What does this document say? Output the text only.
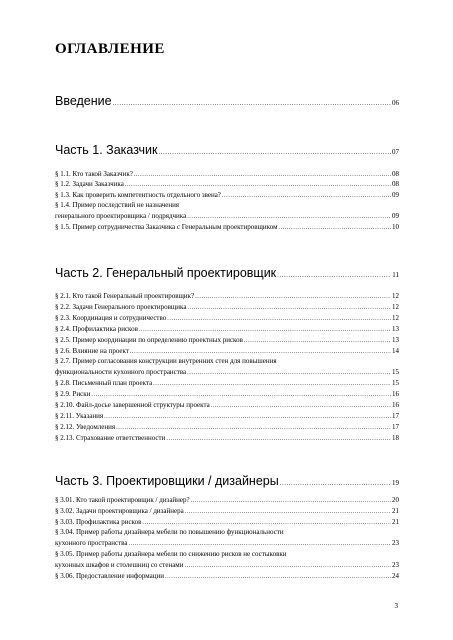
ОГЛАВЛЕНИЕ
Введение .....	06
Часть 1. Заказчик .....	07
§ 1.1. Кто такой Заказчик? .....	08
§ 1.2. Задачи Заказчика .....	08
§ 1.3. Как проверить компетентность отдельного звена? .....	09
§ 1.4. Пример последствий не назначения
генерального проектировщика / подрядчика .....	09
§ 1.5. Пример сотрудничества Заказчика с Генеральным проектировщиком .....	10
Часть 2. Генеральный проектировщик .....	11
§ 2.1. Кто такой Генеральный проектировщик? .....	12
§ 2.2. Задачи Генерального проектировщика .....	12
§ 2.3. Координация и сотрудничество .....	12
§ 2.4. Профилактика рисков .....	13
§ 2.5. Пример координации по определению проектных рисков .....	13
§ 2.6. Влияние на проект .....	14
§ 2.7. Пример согласования конструкции внутренних стен для повышения
функциональности кухонного пространства .....	15
§ 2.8. Письменный план проекта .....	15
§ 2.9. Риски .....	16
§ 2.10. Файл-досье завершенной структуры проекта .....	16
§ 2.11. Указания .....	17
§ 2.12. Уведомления .....	17
§ 2.13. Страхование ответственности .....	18
Часть 3. Проектировщики / дизайнеры .....	19
§ 3.01. Кто такой проектировщик / дизайнер? .....	20
§ 3.02. Задачи проектировщика / дизайнера .....	21
§ 3.03. Профилактика рисков .....	21
§ 3.04. Пример работы дизайнера мебели по повышению функциональности
кухонного пространства .....	23
§ 3.05. Пример работы дизайнера мебели по снижению рисков не состыковки
кухонных шкафов и столешниц со стенами .....	23
§ 3.06. Предоставление информации .....	24
3
